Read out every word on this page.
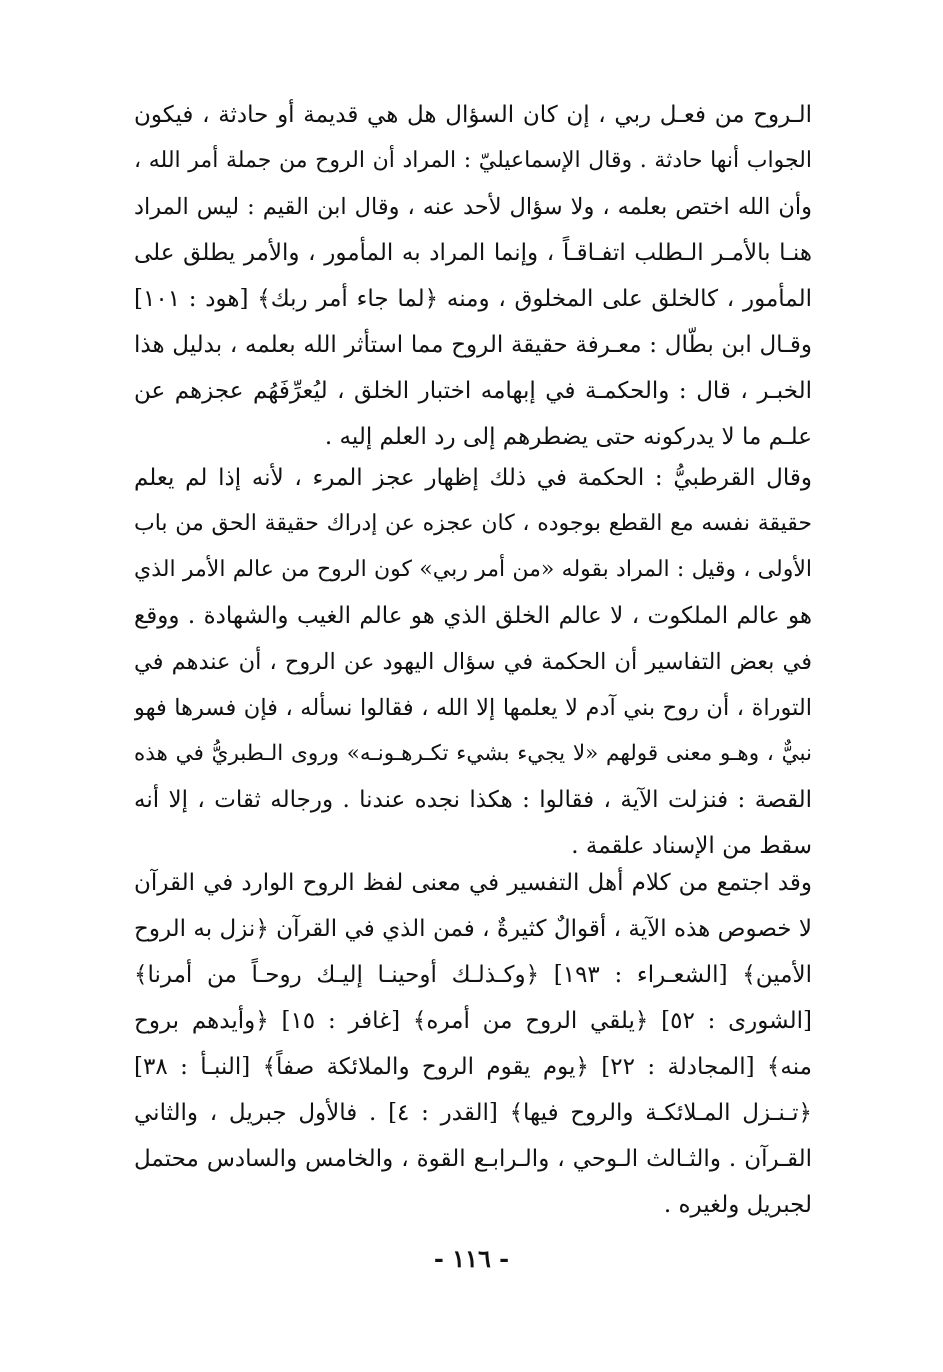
الـروح من فعـل ربي ، إن كان السؤال هل هي قديمة أو حادثة ، فيكون
الجواب أنها حادثة . وقال الإسماعيليّ : المراد أن الروح من جملة أمر الله ،
وأن الله اختص بعلمه ، ولا سؤال لأحد عنه ، وقال ابن القيم : ليس المراد
هنـا بالأمـر الـطلب اتفـاقـاً ، وإنما المراد به المأمور ، والأمر يطلق على
المأمور ، كالخلق على المخلوق ، ومنه ﴿لما جاء أمر ربك﴾ [هود : ١٠١]
وقـال ابن بطّال : معـرفة حقيقة الروح مما استأثر الله بعلمه ، بدليل هذا
الخبـر ، قال : والحكمـة في إبهامه اختبار الخلق ، ليُعرِّفَهُم عجزهم عن
علـم ما لا يدركونه حتى يضطرهم إلى رد العلم إليه .
وقال القرطبيُّ : الحكمة في ذلك إظهار عجز المرء ، لأنه إذا لم يعلم
حقيقة نفسه مع القطع بوجوده ، كان عجزه عن إدراك حقيقة الحق من باب
الأولى ، وقيل : المراد بقوله «من أمر ربي» كون الروح من عالم الأمر الذي
هو عالم الملكوت ، لا عالم الخلق الذي هو عالم الغيب والشهادة . ووقع
في بعض التفاسير أن الحكمة في سؤال اليهود عن الروح ، أن عندهم في
التوراة ، أن روح بني آدم لا يعلمها إلا الله ، فقالوا نسأله ، فإن فسرها فهو
نبيٌّ ، وهـو معنى قولهم «لا يجيء بشيء تكـرهـونـه» وروى الـطبريُّ في هذه
القصة : فنزلت الآية ، فقالوا : هكذا نجده عندنا . ورجاله ثقات ، إلا أنه
سقط من الإسناد علقمة .
وقد اجتمع من كلام أهل التفسير في معنى لفظ الروح الوارد في القرآن
لا خصوص هذه الآية ، أقوالٌ كثيرةٌ ، فمن الذي في القرآن ﴿نزل به الروح
الأمين﴾ [الشعـراء : ١٩٣] ﴿وكـذلـك أوحينـا إليـك روحـاً من أمرنا﴾
[الشورى : ٥٢] ﴿يلقي الروح من أمره﴾ [غافر : ١٥] ﴿وأيدهم بروح
منه﴾ [المجادلة : ٢٢] ﴿يوم يقوم الروح والملائكة صفاً﴾ [النبـأ : ٣٨]
﴿تـنـزل المـلائكـة والروح فيها﴾ [القدر : ٤] . فالأول جبريل ، والثاني
القـرآن . والثـالث الـوحي ، والـرابـع القوة ، والخامس والسادس محتمل
لجبريل ولغيره .
- ١١٦ -
